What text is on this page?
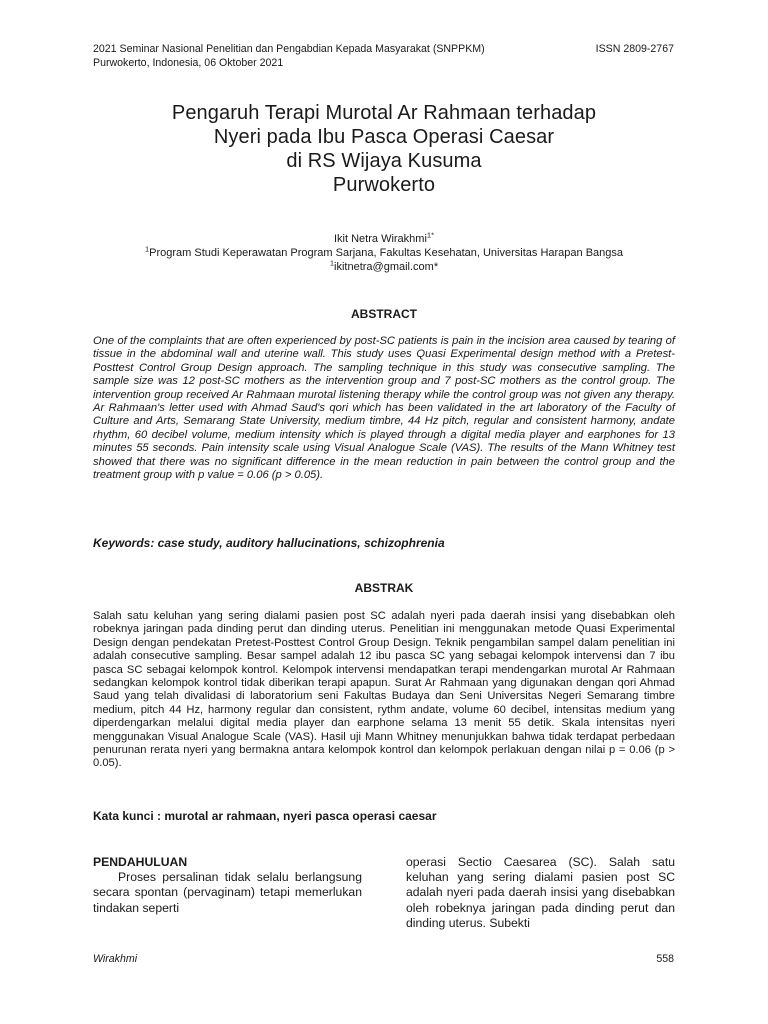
2021 Seminar Nasional Penelitian dan Pengabdian Kepada Masyarakat (SNPPKM)
Purwokerto, Indonesia, 06 Oktober 2021
ISSN 2809-2767
Pengaruh Terapi Murotal Ar Rahmaan terhadap
Nyeri pada Ibu Pasca Operasi Caesar
di RS Wijaya Kusuma
Purwokerto
Ikit Netra Wirakhmi$^{1*}$
$^1$Program Studi Keperawatan Program Sarjana, Fakultas Kesehatan, Universitas Harapan Bangsa
$^1$ikitnetra@gmail.com*
ABSTRACT
One of the complaints that are often experienced by post-SC patients is pain in the incision area caused by tearing of tissue in the abdominal wall and uterine wall. This study uses Quasi Experimental design method with a Pretest-Posttest Control Group Design approach. The sampling technique in this study was consecutive sampling. The sample size was 12 post-SC mothers as the intervention group and 7 post-SC mothers as the control group. The intervention group received Ar Rahmaan murotal listening therapy while the control group was not given any therapy. Ar Rahmaan's letter used with Ahmad Saud's qori which has been validated in the art laboratory of the Faculty of Culture and Arts, Semarang State University, medium timbre, 44 Hz pitch, regular and consistent harmony, andate rhythm, 60 decibel volume, medium intensity which is played through a digital media player and earphones for 13 minutes 55 seconds. Pain intensity scale using Visual Analogue Scale (VAS). The results of the Mann Whitney test showed that there was no significant difference in the mean reduction in pain between the control group and the treatment group with p value = 0.06 (p > 0.05).
Keywords: case study, auditory hallucinations, schizophrenia
ABSTRAK
Salah satu keluhan yang sering dialami pasien post SC adalah nyeri pada daerah insisi yang disebabkan oleh robeknya jaringan pada dinding perut dan dinding uterus. Penelitian ini menggunakan metode Quasi Experimental Design dengan pendekatan Pretest-Posttest Control Group Design. Teknik pengambilan sampel dalam penelitian ini adalah consecutive sampling. Besar sampel adalah 12 ibu pasca SC yang sebagai kelompok intervensi dan 7 ibu pasca SC sebagai kelompok kontrol. Kelompok intervensi mendapatkan terapi mendengarkan murotal Ar Rahmaan sedangkan kelompok kontrol tidak diberikan terapi apapun. Surat Ar Rahmaan yang digunakan dengan qori Ahmad Saud yang telah divalidasi di laboratorium seni Fakultas Budaya dan Seni Universitas Negeri Semarang timbre medium, pitch 44 Hz, harmony regular dan consistent, rythm andate, volume 60 decibel, intensitas medium yang diperdengarkan melalui digital media player dan earphone selama 13 menit 55 detik. Skala intensitas nyeri menggunakan Visual Analogue Scale (VAS). Hasil uji Mann Whitney menunjukkan bahwa tidak terdapat perbedaan penurunan rerata nyeri yang bermakna antara kelompok kontrol dan kelompok perlakuan dengan nilai p = 0.06 (p > 0.05).
Kata kunci : murotal ar rahmaan, nyeri pasca operasi caesar
PENDAHULUAN
Proses persalinan tidak selalu berlangsung secara spontan (pervaginam) tetapi memerlukan tindakan seperti
operasi Sectio Caesarea (SC). Salah satu keluhan yang sering dialami pasien post SC adalah nyeri pada daerah insisi yang disebabkan oleh robeknya jaringan pada dinding perut dan dinding uterus. Subekti
Wirakhmi	558
